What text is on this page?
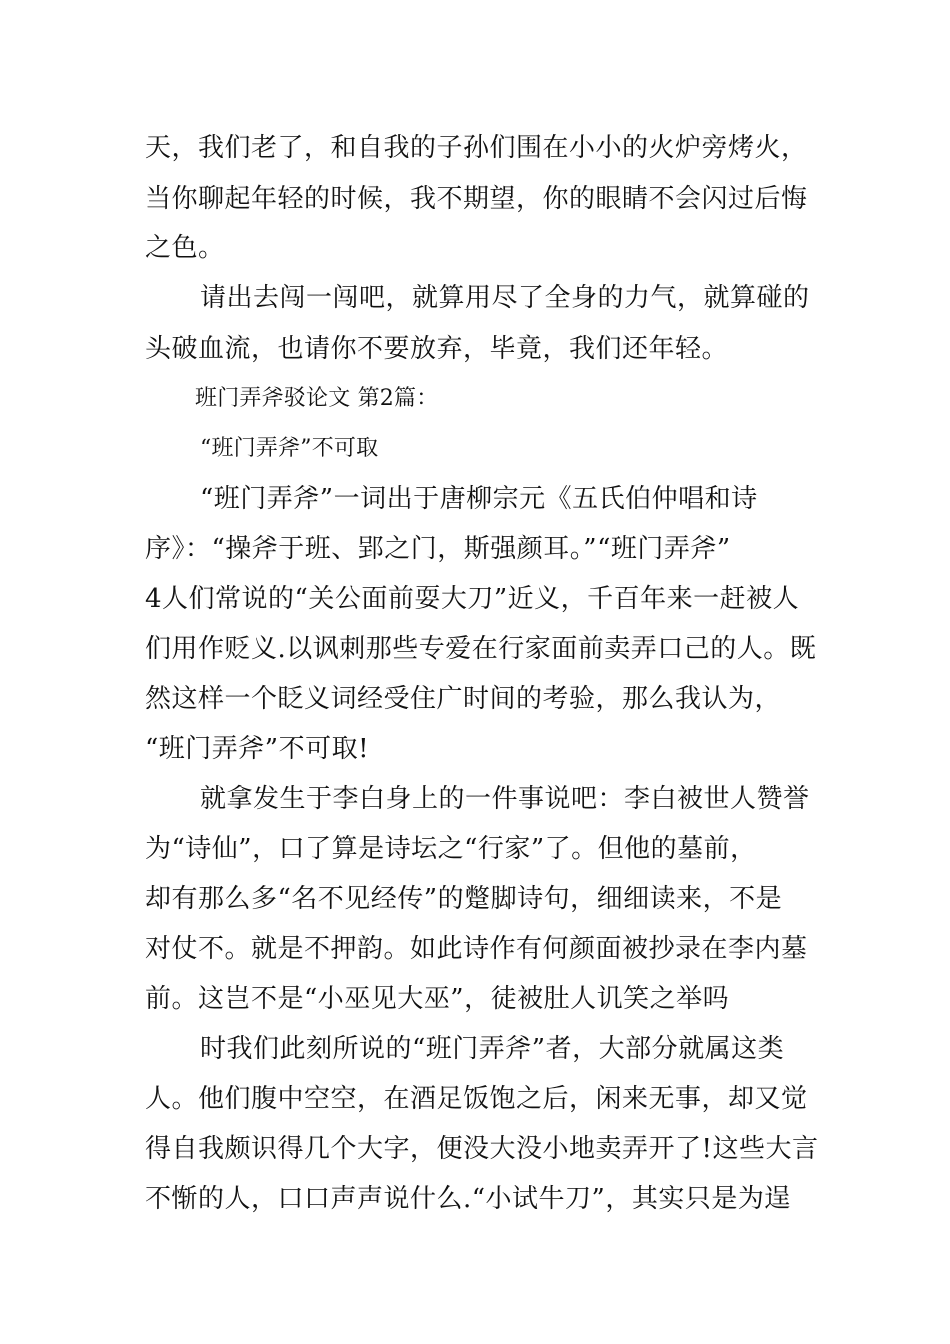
天，我们老了，和自我的子孙们围在小小的火炉旁烤火，
当你聊起年轻的时候，我不期望，你的眼睛不会闪过后悔
之色。
请出去闯一闯吧，就算用尽了全身的力气，就算碰的
头破血流，也请你不要放弃，毕竟，我们还年轻。
班门弄斧驳论文 第2篇：
“班门弄斧”不可取
“班门弄斧”一词出于唐柳宗元《五氏伯仲唱和诗
序》：“操斧于班、郢之门，斯强颜耳。”“班门弄斧”
4人们常说的“关公面前耍大刀”近义，千百年来一赶被人
们用作贬义.以讽刺那些专爱在行家面前卖弄口己的人。既
然这样一个眨义词经受住广时间的考验，那么我认为，
“班门弄斧”不可取!
就拿发生于李白身上的一件事说吧：李白被世人赞誉
为“诗仙”，口了算是诗坛之“行家”了。但他的墓前，
却有那么多“名不见经传”的蹩脚诗句，细细读来，不是
对仗不。就是不押韵。如此诗作有何颜面被抄录在李内墓
前。这岂不是“小巫见大巫”，徒被肚人讥笑之举吗
时我们此刻所说的“班门弄斧”者，大部分就属这类
人。他们腹中空空，在酒足饭饱之后，闲来无事，却又觉
得自我颇识得几个大字，便没大没小地卖弄开了!这些大言
不惭的人，口口声声说什么.“小试牛刀”，其实只是为逞
